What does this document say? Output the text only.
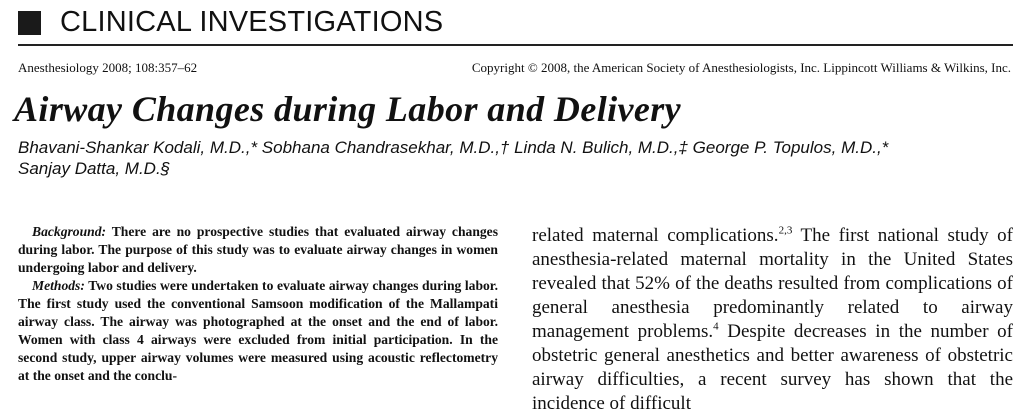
CLINICAL INVESTIGATIONS
Anesthesiology 2008; 108:357–62	Copyright © 2008, the American Society of Anesthesiologists, Inc. Lippincott Williams & Wilkins, Inc.
Airway Changes during Labor and Delivery
Bhavani-Shankar Kodali, M.D.,* Sobhana Chandrasekhar, M.D.,† Linda N. Bulich, M.D.,‡ George P. Topulos, M.D.,*
Sanjay Datta, M.D.§

Background: There are no prospective studies that evaluated airway changes during labor. The purpose of this study was to evaluate airway changes in women undergoing labor and delivery.

Methods: Two studies were undertaken to evaluate airway changes during labor. The first study used the conventional Samsoon modification of the Mallampati airway class. The airway was photographed at the onset and the end of labor. Women with class 4 airways were excluded from initial participation. In the second study, upper airway volumes were measured using acoustic reflectometry at the onset and the conclu-

related maternal complications.$^{2,3}$ The first national study of anesthesia-related maternal mortality in the United States revealed that 52% of the deaths resulted from complications of general anesthesia predominantly related to airway management problems.$^4$ Despite decreases in the number of obstetric general anesthetics and better awareness of obstetric airway difficulties, a recent survey has shown that the incidence of difficult
